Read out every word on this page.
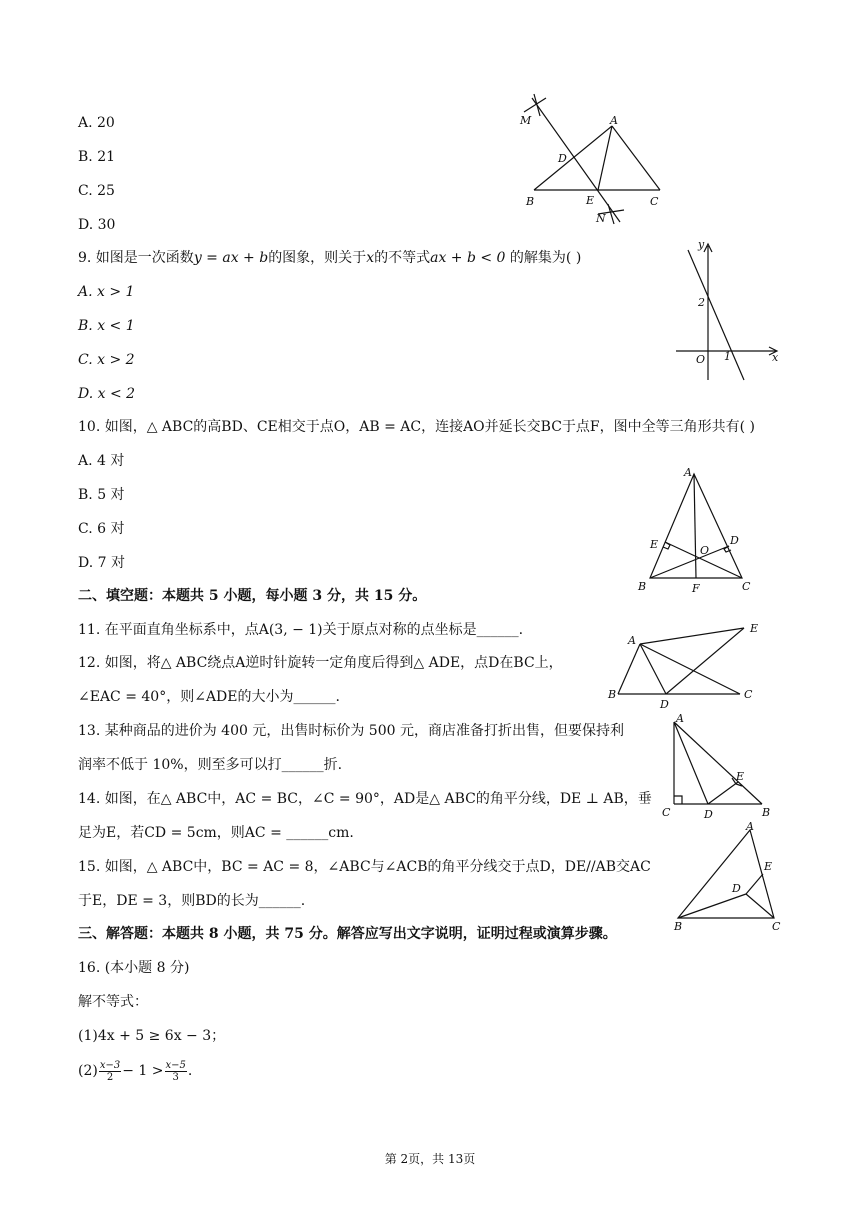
A. 20
B. 21
C. 25
D. 30
M	A
D
B	E	C
N
9. 如图是一次函数y = ax + b的图象，则关于x的不等式ax + b < 0 的解集为( )
A. x > 1
B. x < 1
C. x > 2
D. x < 2
y
2
O 1	x
10. 如图，△ ABC的高BD、CE相交于点O，AB = AC，连接AO并延长交BC于点F，图中全等三角形共有( )
A. 4 对
B. 5 对
C. 6 对
D. 7 对
A
E	O
D
B	F	C
二、填空题：本题共 5 小题，每小题 3 分，共 15 分。
11. 在平面直角坐标系中，点A(3, − 1)关于原点对称的点坐标是______.
12. 如图，将△ ABC绕点A逆时针旋转一定角度后得到△ ADE，点D在BC上，
∠EAC = 40°，则∠ADE的大小为______.
A
E
B
D
C
13. 某种商品的进价为 400 元，出售时标价为 500 元，商店准备打折出售，但要保持利
润率不低于 10%，则至多可以打______折.
14. 如图，在△ ABC中，AC = BC，∠C = 90°，AD是△ ABC的角平分线，DE ⊥ AB，垂
足为E，若CD = 5cm，则AC = ______cm.
A
E
C	D	B
15. 如图，△ ABC中，BC = AC = 8，∠ABC与∠ACB的角平分线交于点D，DE//AB交AC
于E，DE = 3，则BD的长为______.
A
E
D
B	C
三、解答题：本题共 8 小题，共 75 分。解答应写出文字说明，证明过程或演算步骤。
16. (本小题 8 分)
解不等式：
(1)4x + 5 ≥ 6x − 3；
$(2) \frac{x-3}{2} - 1 > \frac{x-5}{3}$ .
第 2页，共 13页
